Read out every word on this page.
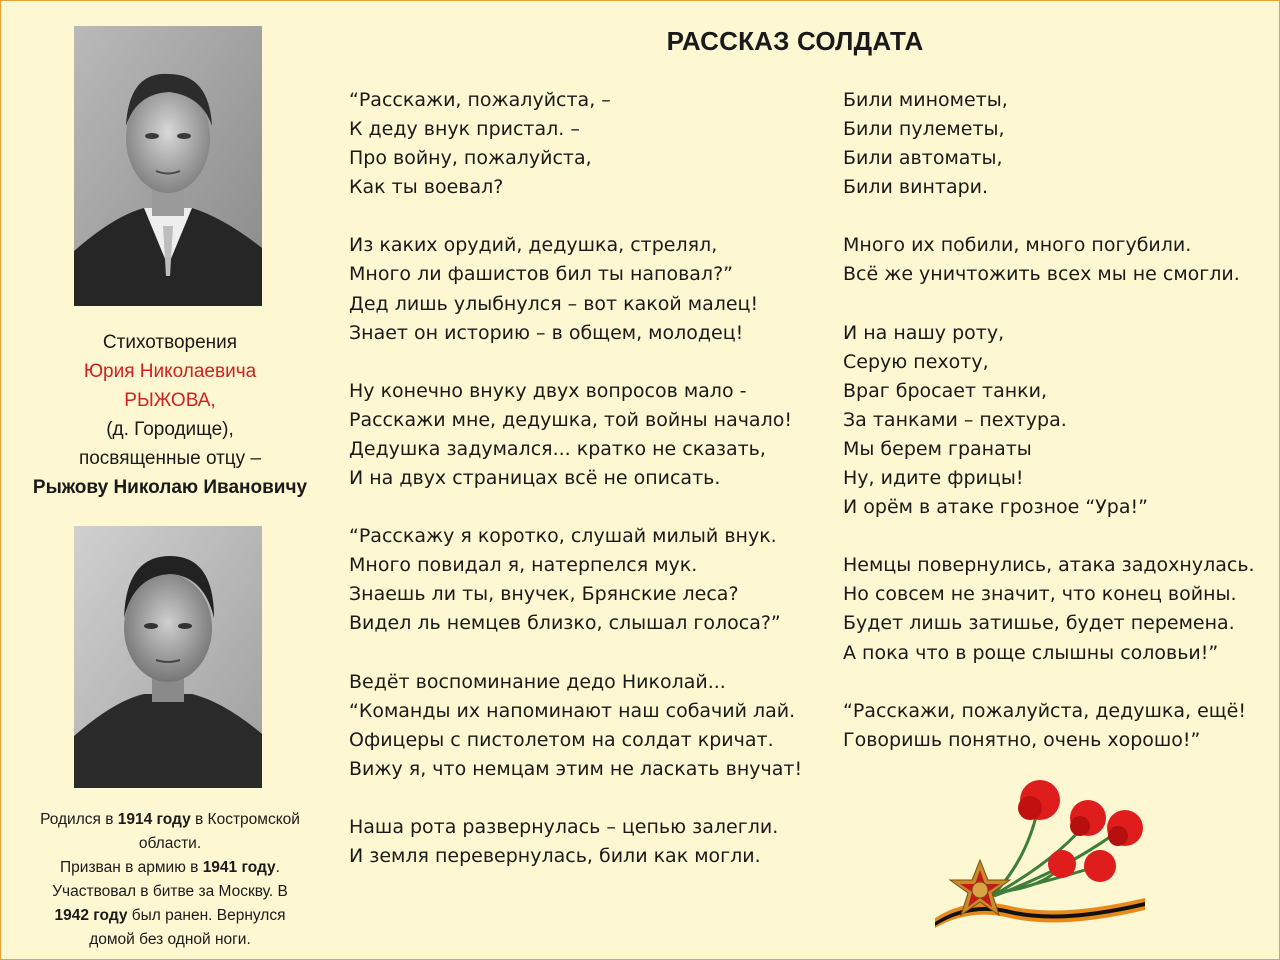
Стихотворения
Юрия Николаевича
РЫЖОВА,
(д. Городище),
посвященные отцу –
Рыжову Николаю Ивановичу
Родился в 1914 году в Костромской области.
Призван в армию в 1941 году.
Участвовал в битве за Москву. В
1942 году был ранен. Вернулся
домой без одной ноги.
РАССКАЗ СОЛДАТА
“Расскажи, пожалуйста, –
К деду внук пристал. –
Про войну, пожалуйста,
Как ты воевал?
Из каких орудий, дедушка, стрелял,
Много ли фашистов бил ты наповал?”
Дед лишь улыбнулся – вот какой малец!
Знает он историю – в общем, молодец!
Ну конечно внуку двух вопросов мало -
Расскажи мне, дедушка, той войны начало!
Дедушка задумался... кратко не сказать,
И на двух страницах всё не описать.
“Расскажу я коротко, слушай милый внук.
Много повидал я, натерпелся мук.
Знаешь ли ты, внучек, Брянские леса?
Видел ль немцев близко, слышал голоса?”
Ведёт воспоминание дедо Николай...
“Команды их напоминают наш собачий лай.
Офицеры с пистолетом на солдат кричат.
Вижу я, что немцам этим не ласкать внучат!
Наша рота развернулась – цепью залегли.
И земля перевернулась, били как могли.
Били минометы,
Били пулеметы,
Били автоматы,
Били винтари.
Много их побили, много погубили.
Всё же уничтожить всех мы не смогли.
И на нашу роту,
Серую пехоту,
Враг бросает танки,
За танками – пехтура.
Мы берем гранаты
Ну, идите фрицы!
И орём в атаке грозное “Ура!”
Немцы повернулись, атака задохнулась.
Но совсем не значит, что конец войны.
Будет лишь затишье, будет перемена.
А пока что в роще слышны соловьи!”
“Расскажи, пожалуйста, дедушка, ещё!
Говоришь понятно, очень хорошо!”
